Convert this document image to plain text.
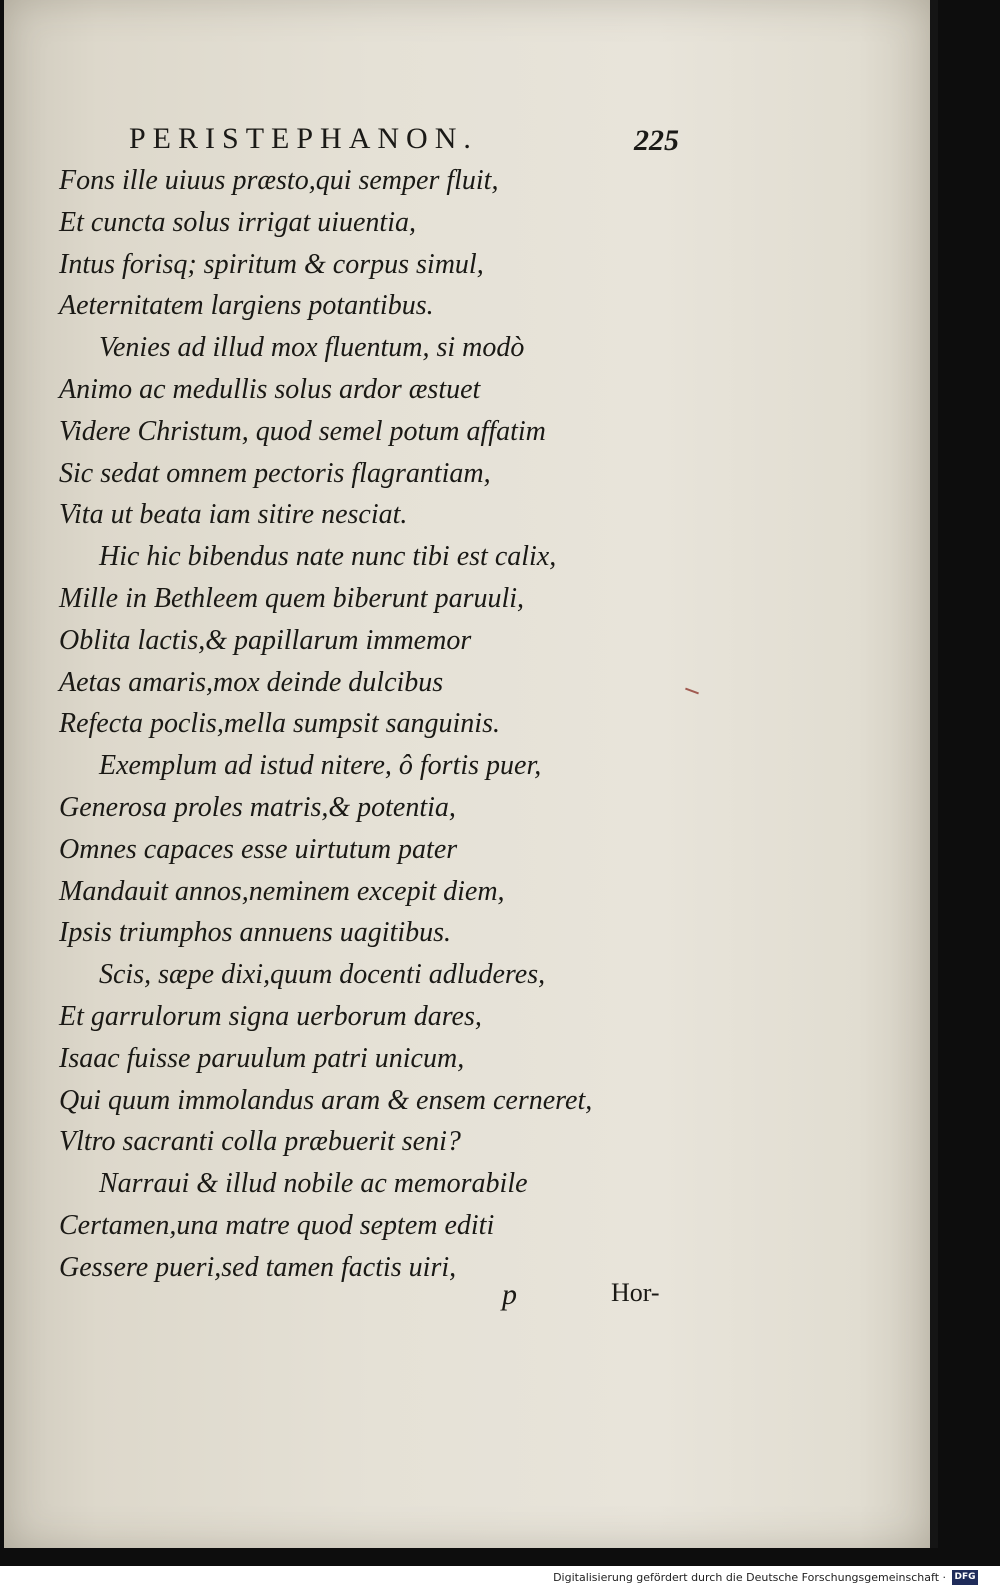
PERISTEPHANON.	225
Fons ille uiuus præsto,qui semper fluit,
Et cuncta solus irrigat uiuentia,
Intus forisq; spiritum & corpus simul,
Aeternitatem largiens potantibus.
Venies ad illud mox fluentum, si modò
Animo ac medullis solus ardor æstuet
Videre Christum, quod semel potum affatim
Sic sedat omnem pectoris flagrantiam,
Vita ut beata iam sitire nesciat.
Hic hic bibendus nate nunc tibi est calix,
Mille in Bethleem quem biberunt paruuli,
Oblita lactis,& papillarum immemor
Aetas amaris,mox deinde dulcibus
Refecta poclis,mella sumpsit sanguinis.
Exemplum ad istud nitere, ô fortis puer,
Generosa proles matris,& potentia,
Omnes capaces esse uirtutum pater
Mandauit annos,neminem excepit diem,
Ipsis triumphos annuens uagitibus.
Scis, sæpe dixi,quum docenti adluderes,
Et garrulorum signa uerborum dares,
Isaac fuisse paruulum patri unicum,
Qui quum immolandus aram & ensem cerneret,
Vltro sacranti colla præbuerit seni?
Narraui & illud nobile ac memorabile
Certamen,una matre quod septem editi
Gessere pueri,sed tamen factis uiri,
p	Hor-
Digitalisierung gefördert durch die Deutsche Forschungsgemeinschaft · DFG
